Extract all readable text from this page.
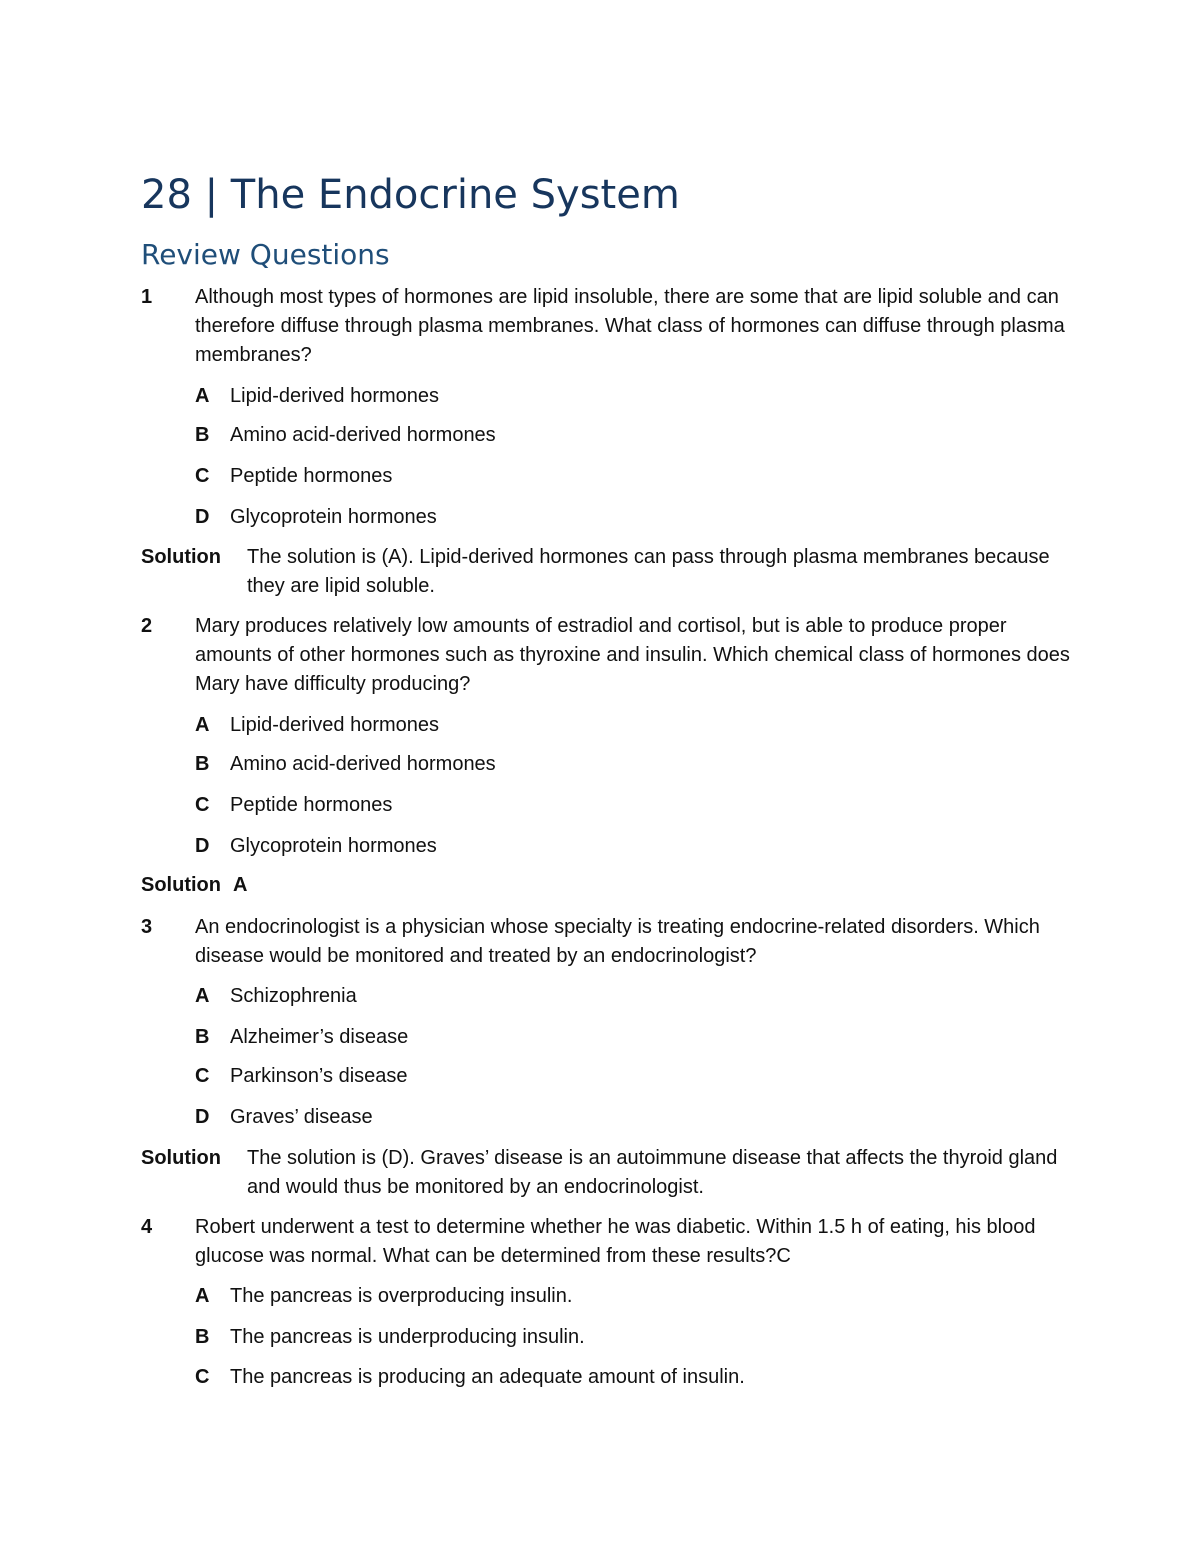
28 | The Endocrine System
Review Questions
1 Although most types of hormones are lipid insoluble, there are some that are lipid soluble and can therefore diffuse through plasma membranes. What class of hormones can diffuse through plasma membranes?
A Lipid-derived hormones
B Amino acid-derived hormones
C Peptide hormones
D Glycoprotein hormones
Solution The solution is (A). Lipid-derived hormones can pass through plasma membranes because they are lipid soluble.
2 Mary produces relatively low amounts of estradiol and cortisol, but is able to produce proper amounts of other hormones such as thyroxine and insulin. Which chemical class of hormones does Mary have difficulty producing?
A Lipid-derived hormones
B Amino acid-derived hormones
C Peptide hormones
D Glycoprotein hormones
Solution A
3 An endocrinologist is a physician whose specialty is treating endocrine-related disorders. Which disease would be monitored and treated by an endocrinologist?
A Schizophrenia
B Alzheimer’s disease
C Parkinson’s disease
D Graves’ disease
Solution The solution is (D). Graves’ disease is an autoimmune disease that affects the thyroid gland and would thus be monitored by an endocrinologist.
4 Robert underwent a test to determine whether he was diabetic. Within 1.5 h of eating, his blood glucose was normal. What can be determined from these results?C
A The pancreas is overproducing insulin.
B The pancreas is underproducing insulin.
C The pancreas is producing an adequate amount of insulin.
